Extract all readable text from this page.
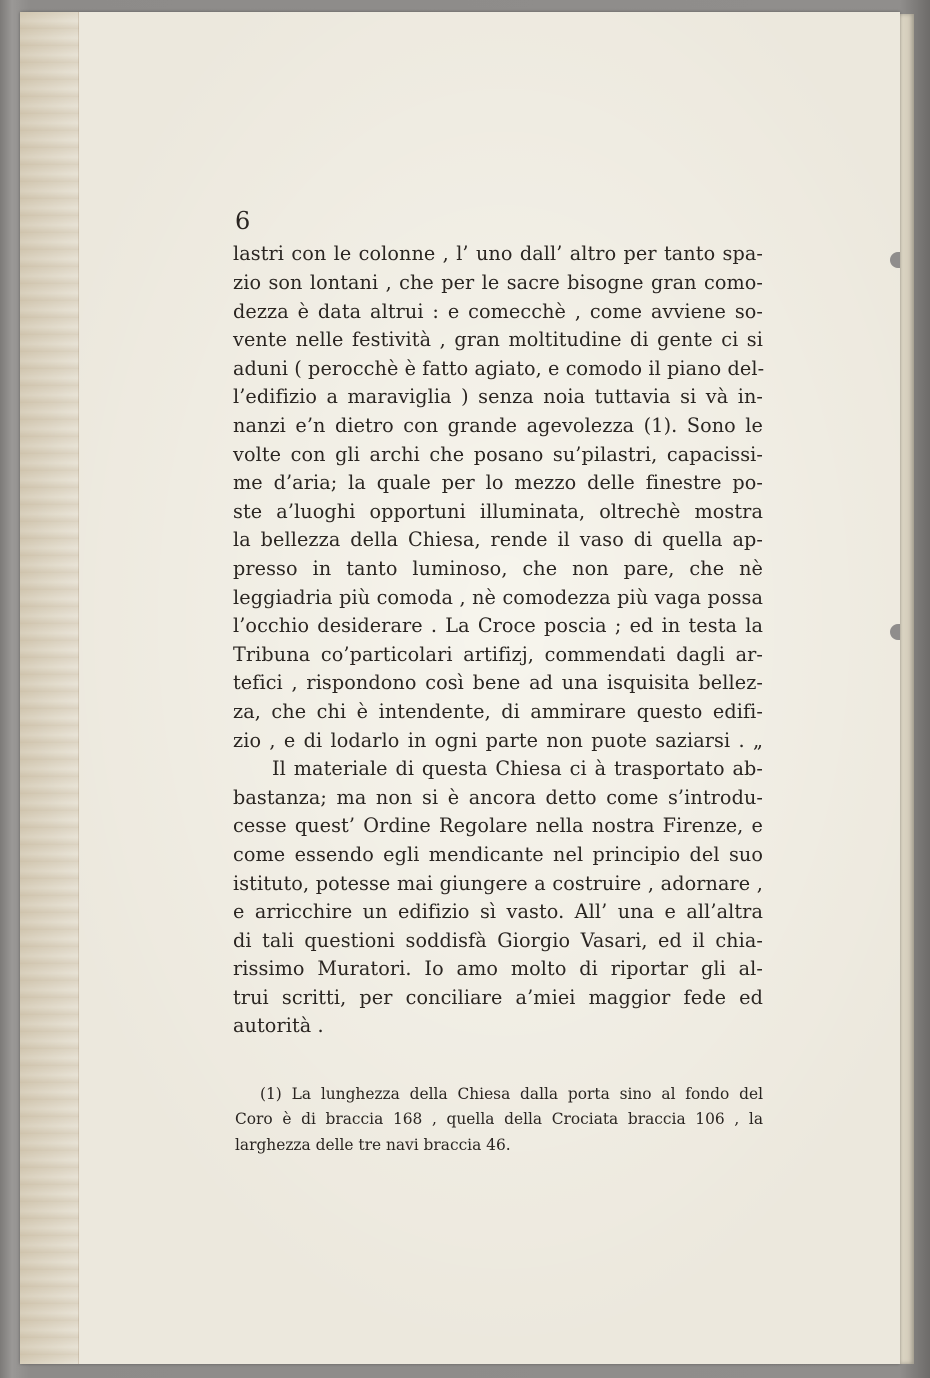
6
lastri con le colonne , l’ uno dall’ altro per tanto spa-
zio son lontani , che per le sacre bisogne gran como-
dezza è data altrui : e comecchè , come avviene so-
vente nelle festività , gran moltitudine di gente ci si
aduni ( perocchè è fatto agiato, e comodo il piano del-
l’edifizio a maraviglia ) senza noia tuttavia si và in-
nanzi e’n dietro con grande agevolezza (1). Sono le
volte con gli archi che posano su’pilastri, capacissi-
me d’aria; la quale per lo mezzo delle finestre po-
ste a’luoghi opportuni illuminata, oltrechè mostra
la bellezza della Chiesa, rende il vaso di quella ap-
presso in tanto luminoso, che non pare, che nè
leggiadria più comoda , nè comodezza più vaga possa
l’occhio desiderare . La Croce poscia ; ed in testa la
Tribuna co’particolari artifizj, commendati dagli ar-
tefici , rispondono così bene ad una isquisita bellez-
za, che chi è intendente, di ammirare questo edifi-
zio , e di lodarlo in ogni parte non puote saziarsi . „
Il materiale di questa Chiesa ci à trasportato ab-
bastanza; ma non si è ancora detto come s’introdu-
cesse quest’ Ordine Regolare nella nostra Firenze, e
come essendo egli mendicante nel principio del suo
istituto, potesse mai giungere a costruire , adornare ,
e arricchire un edifizio sì vasto. All’ una e all’altra
di tali questioni soddisfà Giorgio Vasari, ed il chia-
rissimo Muratori. Io amo molto di riportar gli al-
trui scritti, per conciliare a’miei maggior fede ed
autorità .
(1) La lunghezza della Chiesa dalla porta sino al fondo del
Coro è di braccia 168 , quella della Crociata braccia 106 , la
larghezza delle tre navi braccia 46.
